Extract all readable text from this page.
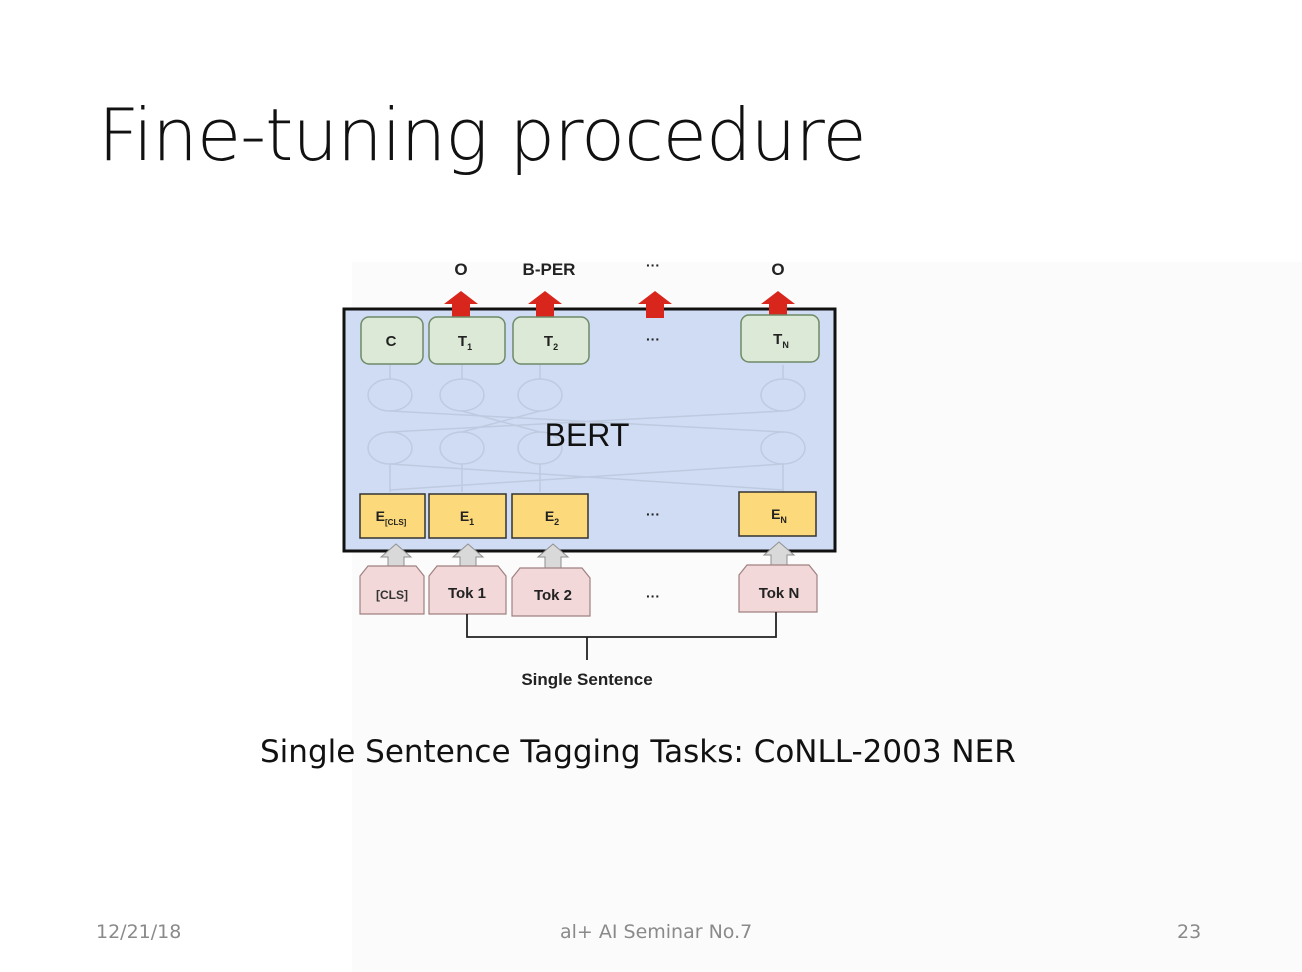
Fine-tuning procedure
BERT
O	B-PER	···	O
C	$T_1$	$T_2$	···	$T_N$
$E_{[CLS]}$	$E_1$	$E_2$	···	$E_N$
[CLS]	Tok 1	Tok 2	···	Tok N
Single Sentence
Single Sentence Tagging Tasks: CoNLL-2003 NER
12/21/18	al+ AI Seminar No.7	23
